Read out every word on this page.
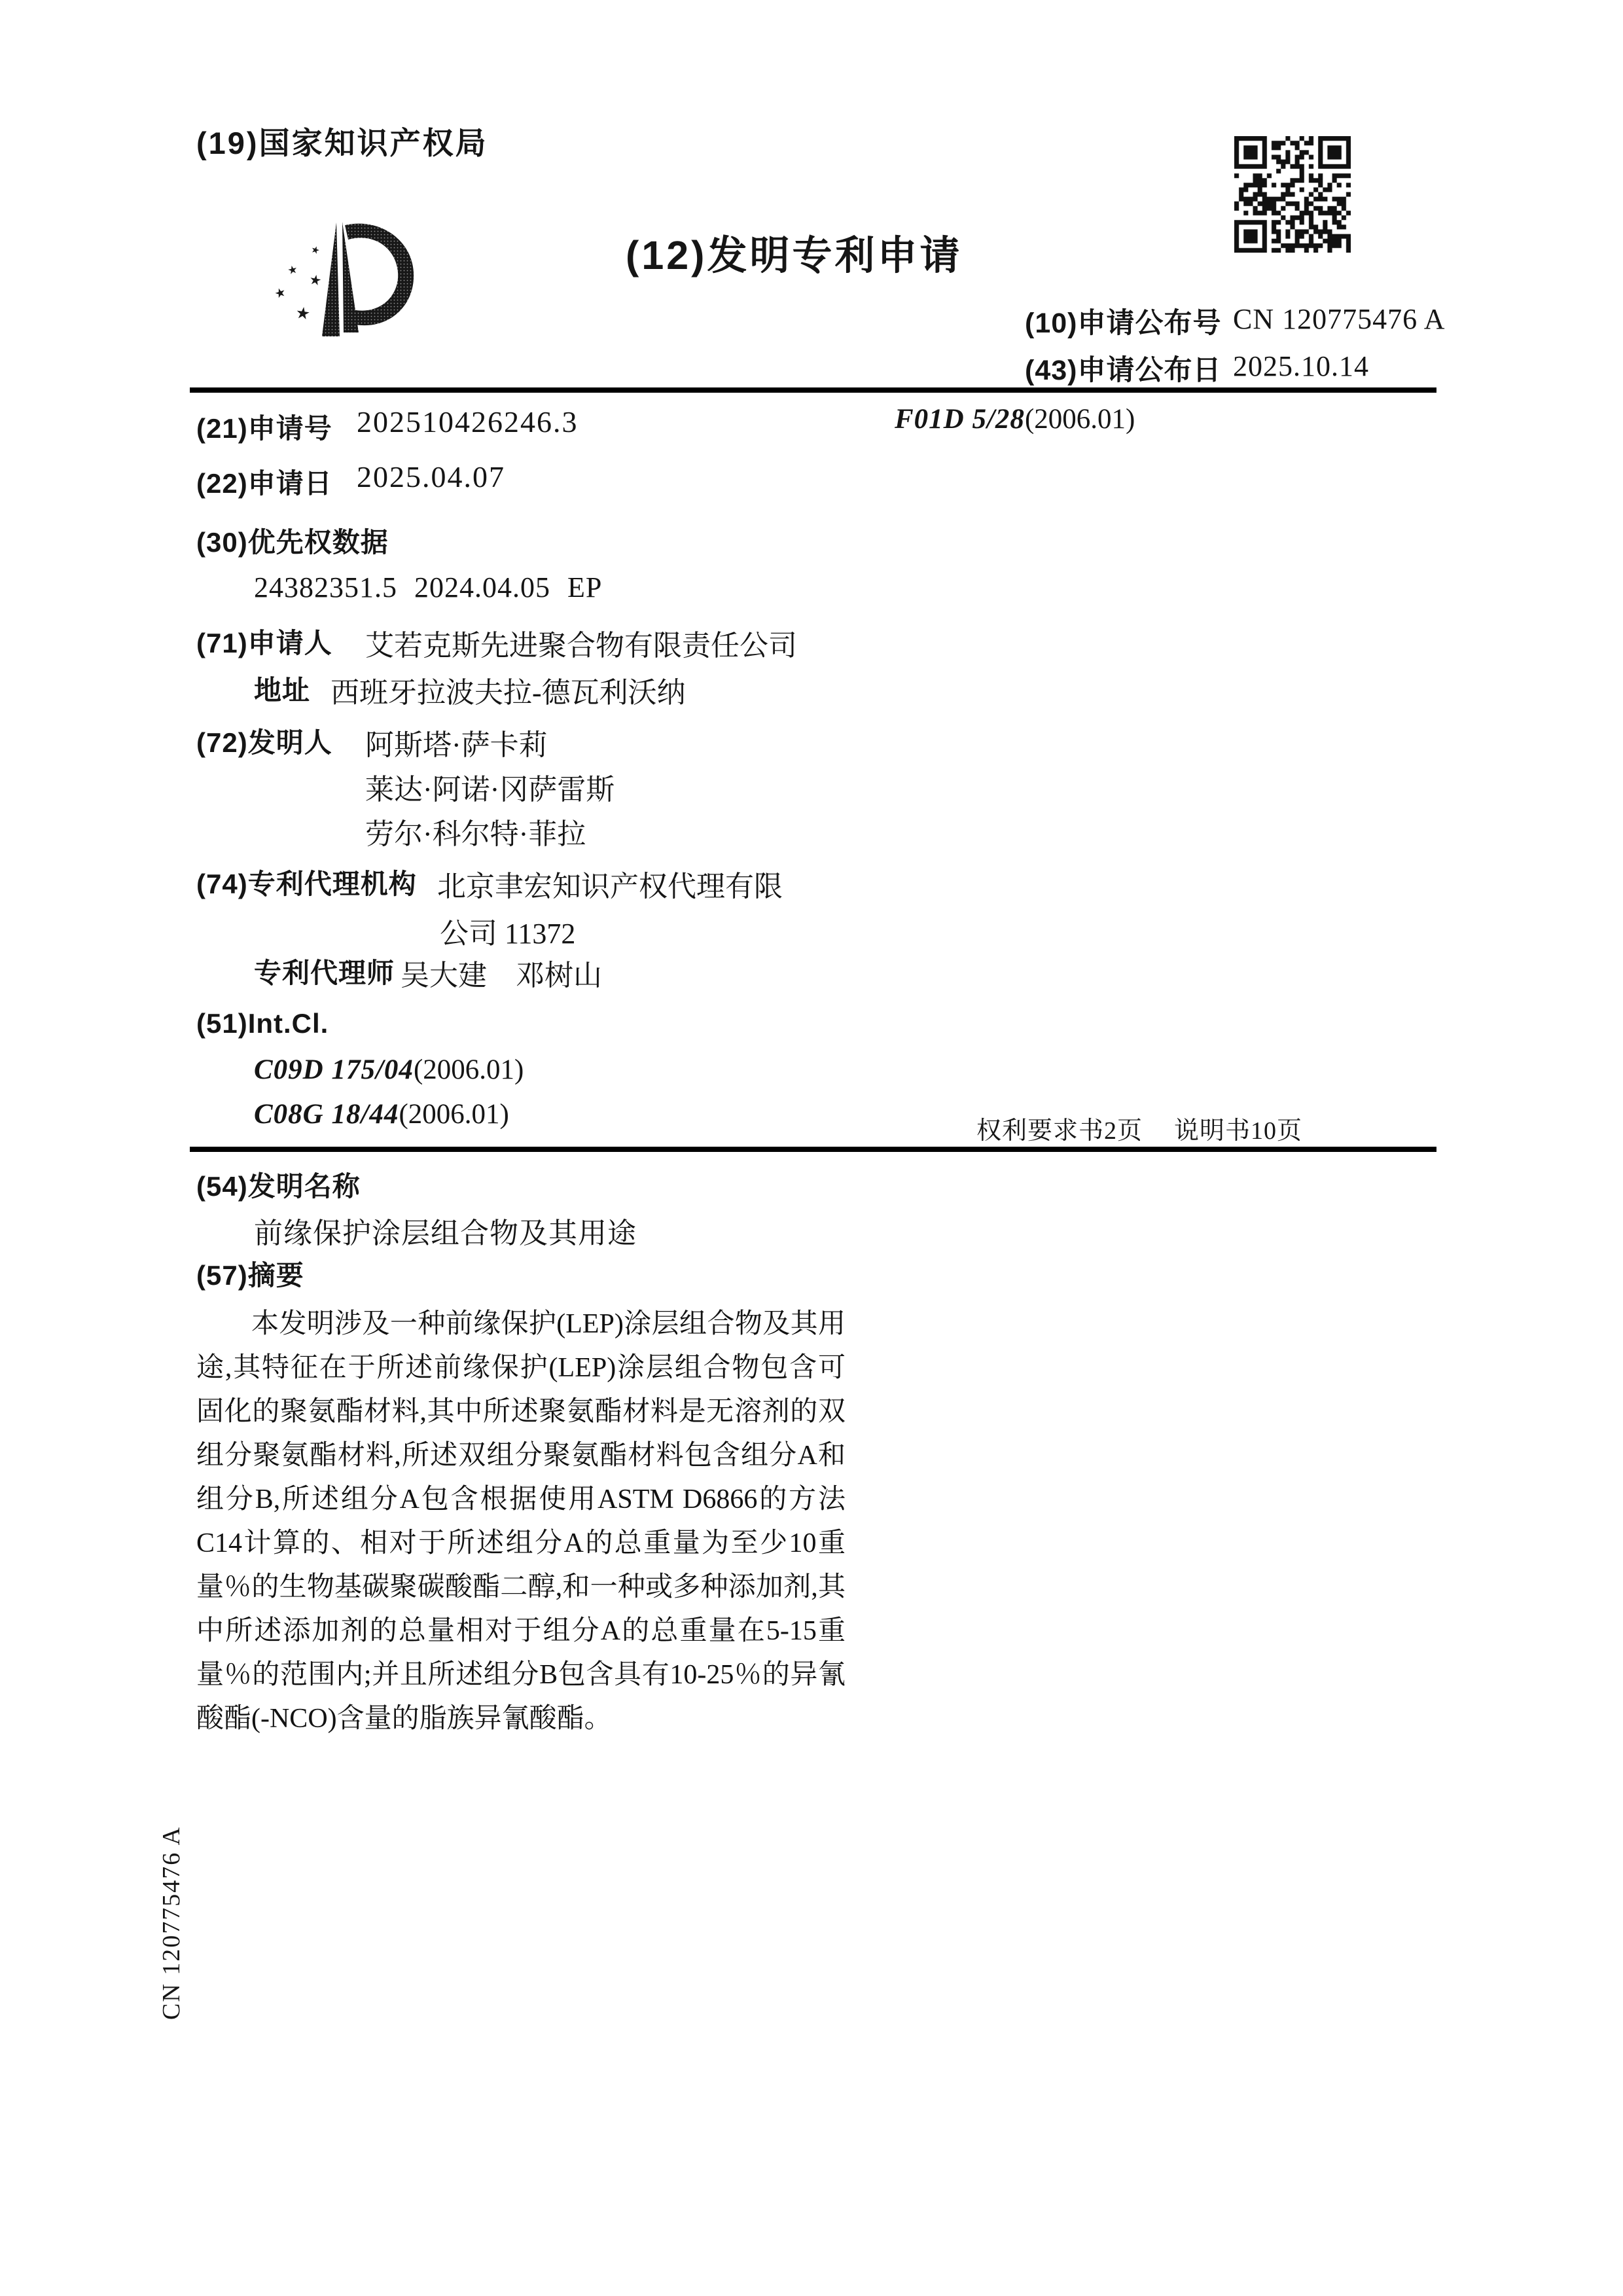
(19)国家知识产权局
★
★
★
★
★
(12)发明专利申请
(10)申请公布号 CN 120775476 A
(43)申请公布日 2025.10.14
(21)申请号 202510426246.3	F01D 5/28(2006.01)
(22)申请日 2025.04.07
(30)优先权数据
24382351.5 2024.04.05 EP
(71)申请人 艾若克斯先进聚合物有限责任公司
地址 西班牙拉波夫拉-德瓦利沃纳
(72)发明人 阿斯塔·萨卡莉
莱达·阿诺·冈萨雷斯
劳尔·科尔特·菲拉
(74)专利代理机构 北京聿宏知识产权代理有限
公司 11372
专利代理师 吴大建　邓树山
(51)Int.Cl.
C09D 175/04(2006.01)
C08G 18/44(2006.01)
权利要求书2页 说明书10页
(54)发明名称
前缘保护涂层组合物及其用途
(57)摘要
本发明涉及一种前缘保护(LEP)涂层组合物及其用途,其特征在于所述前缘保护(LEP)涂层组合物包含可固化的聚氨酯材料,其中所述聚氨酯材料是无溶剂的双组分聚氨酯材料,所述双组分聚氨酯材料包含组分A和组分B,所述组分A包含根据使用ASTM D6866的方法C14计算的、相对于所述组分A的总重量为至少10重量％的生物基碳聚碳酸酯二醇,和一种或多种添加剂,其中所述添加剂的总量相对于组分A的总重量在5-15重量％的范围内;并且所述组分B包含具有10-25％的异氰酸酯(-NCO)含量的脂族异氰酸酯。
CN 120775476 A
